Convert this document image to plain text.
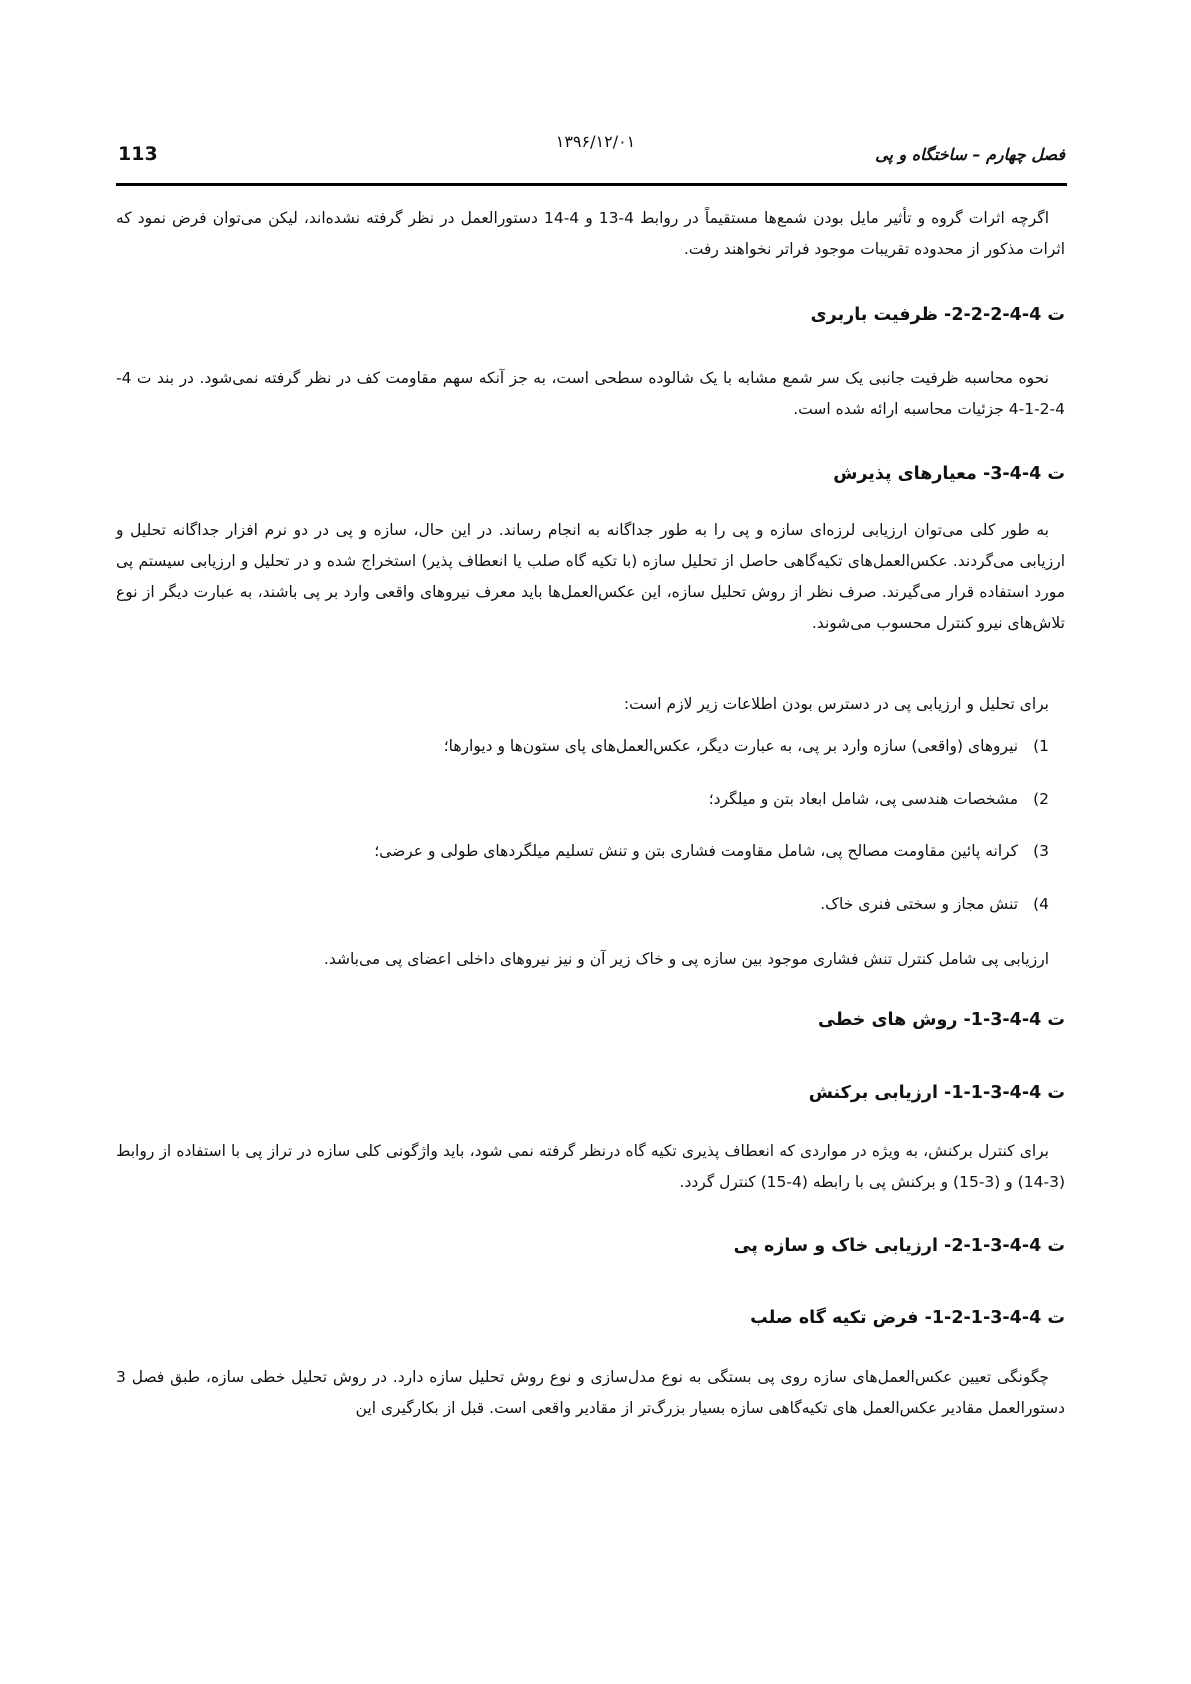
113
۱۳۹۶/۱۲/۰۱
فصل چهارم – ساختگاه و پی

اگرچه اثرات گروه و تأثیر مایل بودن شمع‌ها مستقیماً در روابط 4-13 و 4-14 دستورالعمل در نظر گرفته نشده‌اند، لیکن می‌توان فرض نمود که اثرات مذکور از محدوده تقریبات موجود فراتر نخواهند رفت.

ت 4-4-2-2-2- ظرفیت باربری

نحوه محاسبه ظرفیت جانبی یک سر شمع مشابه با یک شالوده سطحی است، به جز آنکه سهم مقاومت کف در نظر گرفته نمی‌شود. در بند ت 4-4-2-1-4 جزئیات محاسبه ارائه شده است.

ت 4-4-3- معیارهای پذیرش

به طور کلی می‌توان ارزیابی لرزه‌ای سازه و پی را به طور جداگانه به انجام رساند. در این حال، سازه و پی در دو نرم افزار جداگانه تحلیل و ارزیابی می‌گردند. عکس‌العمل‌های تکیه‌گاهی حاصل از تحلیل سازه (با تکیه گاه صلب یا انعطاف پذیر) استخراج شده و در تحلیل و ارزیابی سیستم پی مورد استفاده قرار می‌گیرند. صرف نظر از روش تحلیل سازه، این عکس‌العمل‌ها باید معرف نیروهای واقعی وارد بر پی باشند، به عبارت دیگر از نوع تلاش‌های نیرو کنترل محسوب می‌شوند.

برای تحلیل و ارزیابی پی در دسترس بودن اطلاعات زیر لازم است:

1) نیروهای (واقعی) سازه وارد بر پی، به عبارت دیگر، عکس‌العمل‌های پای ستون‌ها و دیوارها؛

2) مشخصات هندسی پی، شامل ابعاد بتن و میلگرد؛

3) کرانه پائین مقاومت مصالح پی، شامل مقاومت فشاری بتن و تنش تسلیم میلگردهای طولی و عرضی؛

4) تنش مجاز و سختی فنری خاک.

ارزیابی پی شامل کنترل تنش فشاری موجود بین سازه پی و خاک زیر آن و نیز نیروهای داخلی اعضای پی می‌باشد.

ت 4-4-3-1- روش های خطی

ت 4-4-3-1-1- ارزیابی برکنش

برای کنترل برکنش، به ویژه در مواردی که انعطاف پذیری تکیه گاه درنظر گرفته نمی شود، باید واژگونی کلی سازه در تراز پی با استفاده از روابط (3-14) و (3-15) و برکنش پی با رابطه (4-15) کنترل گردد.

ت 4-4-3-1-2- ارزیابی خاک و سازه پی

ت 4-4-3-1-2-1- فرض تکیه گاه صلب

چگونگی تعیین عکس‌العمل‌های سازه روی پی بستگی به نوع مدل‌سازی و نوع روش تحلیل سازه دارد. در روش تحلیل خطی سازه، طبق فصل 3 دستورالعمل مقادیر عکس‌العمل های تکیه‌گاهی سازه بسیار بزرگ‌تر از مقادیر واقعی است. قبل از بکارگیری این
